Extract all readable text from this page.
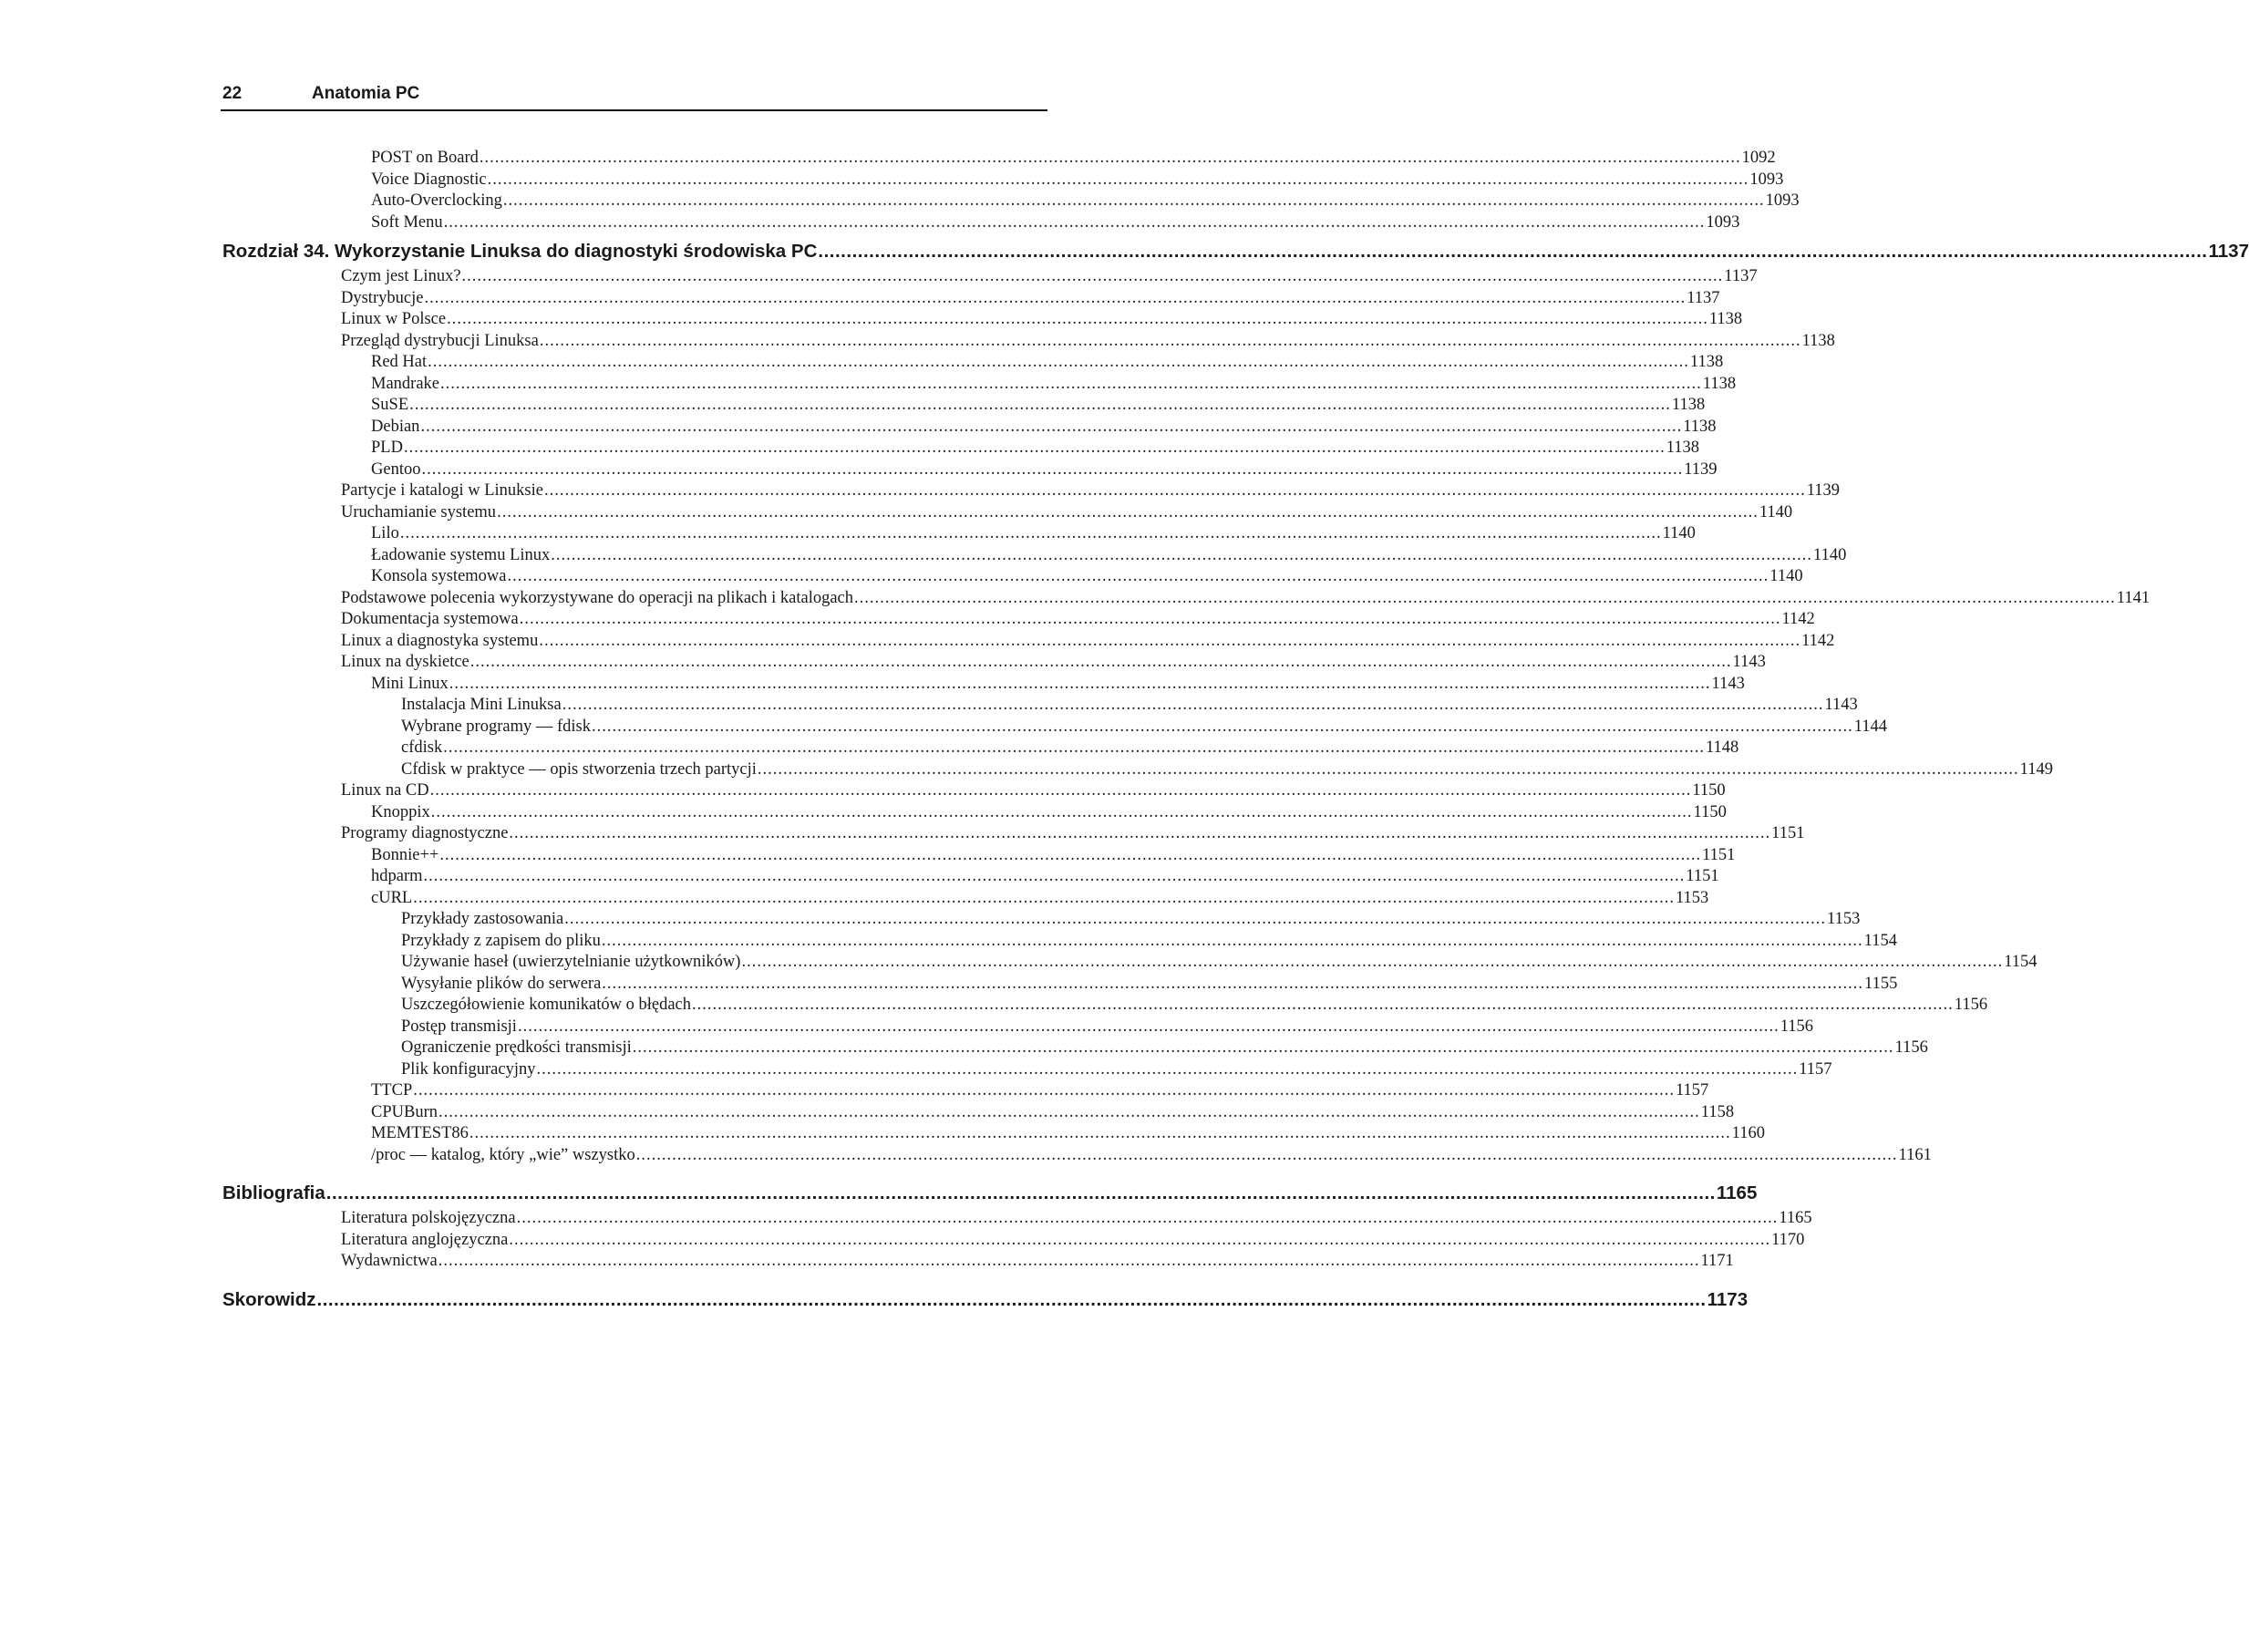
22	Anatomia PC
POST on Board ...................................................................................................................................................................................................................................................... 1092
Voice Diagnostic ...................................................................................................................................................................................................................................................... 1093
Auto-Overclocking ...................................................................................................................................................................................................................................................... 1093
Soft Menu ...................................................................................................................................................................................................................................................... 1093
Rozdział 34. Wykorzystanie Linuksa do diagnostyki środowiska PC ...................................................................................................................................................................................................................................................... 1137
Czym jest Linux? ...................................................................................................................................................................................................................................................... 1137
Dystrybucje ...................................................................................................................................................................................................................................................... 1137
Linux w Polsce ...................................................................................................................................................................................................................................................... 1138
Przegląd dystrybucji Linuksa ...................................................................................................................................................................................................................................................... 1138
Red Hat ...................................................................................................................................................................................................................................................... 1138
Mandrake ...................................................................................................................................................................................................................................................... 1138
SuSE ...................................................................................................................................................................................................................................................... 1138
Debian ...................................................................................................................................................................................................................................................... 1138
PLD ...................................................................................................................................................................................................................................................... 1138
Gentoo ...................................................................................................................................................................................................................................................... 1139
Partycje i katalogi w Linuksie ...................................................................................................................................................................................................................................................... 1139
Uruchamianie systemu ...................................................................................................................................................................................................................................................... 1140
Lilo ...................................................................................................................................................................................................................................................... 1140
Ładowanie systemu Linux ...................................................................................................................................................................................................................................................... 1140
Konsola systemowa ...................................................................................................................................................................................................................................................... 1140
Podstawowe polecenia wykorzystywane do operacji na plikach i katalogach ...................................................................................................................................................................................................................................................... 1141
Dokumentacja systemowa ...................................................................................................................................................................................................................................................... 1142
Linux a diagnostyka systemu ...................................................................................................................................................................................................................................................... 1142
Linux na dyskietce ...................................................................................................................................................................................................................................................... 1143
Mini Linux ...................................................................................................................................................................................................................................................... 1143
Instalacja Mini Linuksa ...................................................................................................................................................................................................................................................... 1143
Wybrane programy — fdisk ...................................................................................................................................................................................................................................................... 1144
cfdisk ...................................................................................................................................................................................................................................................... 1148
Cfdisk w praktyce — opis stworzenia trzech partycji ...................................................................................................................................................................................................................................................... 1149
Linux na CD ...................................................................................................................................................................................................................................................... 1150
Knoppix ...................................................................................................................................................................................................................................................... 1150
Programy diagnostyczne ...................................................................................................................................................................................................................................................... 1151
Bonnie++ ...................................................................................................................................................................................................................................................... 1151
hdparm ...................................................................................................................................................................................................................................................... 1151
cURL ...................................................................................................................................................................................................................................................... 1153
Przykłady zastosowania ...................................................................................................................................................................................................................................................... 1153
Przykłady z zapisem do pliku ...................................................................................................................................................................................................................................................... 1154
Używanie haseł (uwierzytelnianie użytkowników) ...................................................................................................................................................................................................................................................... 1154
Wysyłanie plików do serwera ...................................................................................................................................................................................................................................................... 1155
Uszczegółowienie komunikatów o błędach ...................................................................................................................................................................................................................................................... 1156
Postęp transmisji ...................................................................................................................................................................................................................................................... 1156
Ograniczenie prędkości transmisji ...................................................................................................................................................................................................................................................... 1156
Plik konfiguracyjny ...................................................................................................................................................................................................................................................... 1157
TTCP ...................................................................................................................................................................................................................................................... 1157
CPUBurn ...................................................................................................................................................................................................................................................... 1158
MEMTEST86 ...................................................................................................................................................................................................................................................... 1160
/proc — katalog, który „wie” wszystko ...................................................................................................................................................................................................................................................... 1161
Bibliografia ...................................................................................................................................................................................................................................................... 1165
Literatura polskojęzyczna ...................................................................................................................................................................................................................................................... 1165
Literatura anglojęzyczna ...................................................................................................................................................................................................................................................... 1170
Wydawnictwa ...................................................................................................................................................................................................................................................... 1171
Skorowidz ...................................................................................................................................................................................................................................................... 1173
